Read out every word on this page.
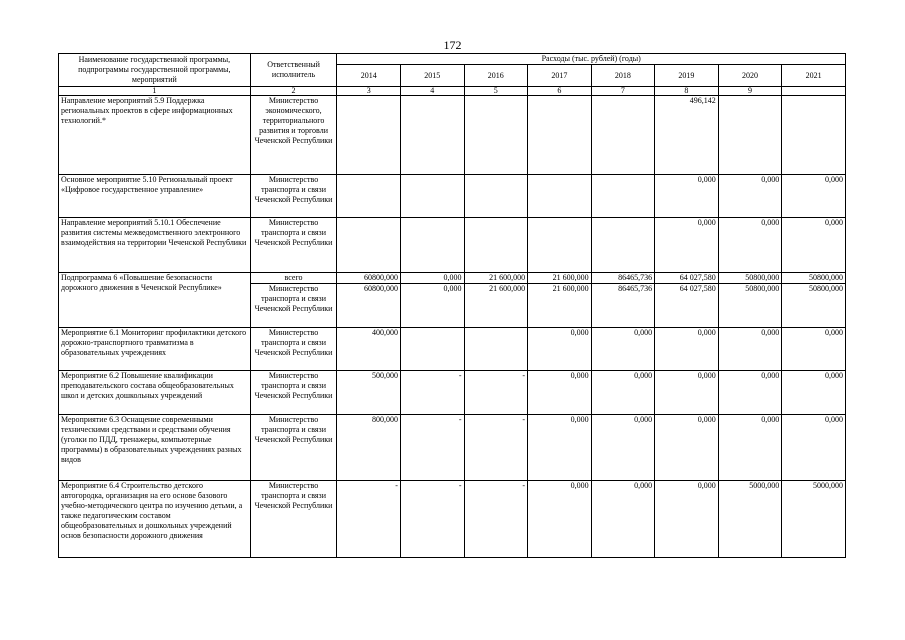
172
Наименование государственной программы, подпрограммы государственной программы, мероприятий	Ответственный исполнитель	Расходы (тыс. рублей) (годы)							
		2014	2015	2016	2017	2018	2019	2020	2021
1	2	3	4	5	6	7	8	9	
Направление мероприятий 5.9 Поддержка региональных проектов в сфере информационных технологий.*	Министерство экономического, территориального развития и торговли Чеченской Республики						496,142		
Основное мероприятие 5.10 Региональный проект «Цифровое государственное управление»	Министерство транспорта и связи Чеченской Республики						0,000	0,000	0,000
Направление мероприятий 5.10.1 Обеспечение развития системы межведомственного электронного взаимодействия на территории Чеченской Республики	Министерство транспорта и связи Чеченской Республики						0,000	0,000	0,000
Подпрограмма 6 «Повышение безопасности дорожного движения в Чеченской Республике»	всего	60800,000	0,000	21 600,000	21 600,000	86465,736	64 027,580	50800,000	50800,000
	Министерство транспорта и связи Чеченской Республики	60800,000	0,000	21 600,000	21 600,000	86465,736	64 027,580	50800,000	50800,000
Мероприятие 6.1 Мониторинг профилактики детского дорожно-транспортного травматизма в образовательных учреждениях	Министерство транспорта и связи Чеченской Республики	400,000			0,000	0,000	0,000	0,000	0,000
Мероприятие 6.2 Повышение квалификации преподавательского состава общеобразовательных школ и детских дошкольных учреждений	Министерство транспорта и связи Чеченской Республики	500,000	-	-	0,000	0,000	0,000	0,000	0,000
Мероприятие 6.3 Оснащение современными техническими средствами и средствами обучения (уголки по ПДД, тренажеры, компьютерные программы) в образовательных учреждениях разных видов	Министерство транспорта и связи Чеченской Республики	800,000	-	-	0,000	0,000	0,000	0,000	0,000
Мероприятие 6.4 Строительство детского автогородка, организация на его основе базового учебно-методического центра по изучению детьми, а также педагогическим составом общеобразовательных и дошкольных учреждений основ безопасности дорожного движения	Министерство транспорта и связи Чеченской Республики	-	-	-	0,000	0,000	0,000	5000,000	5000,000
